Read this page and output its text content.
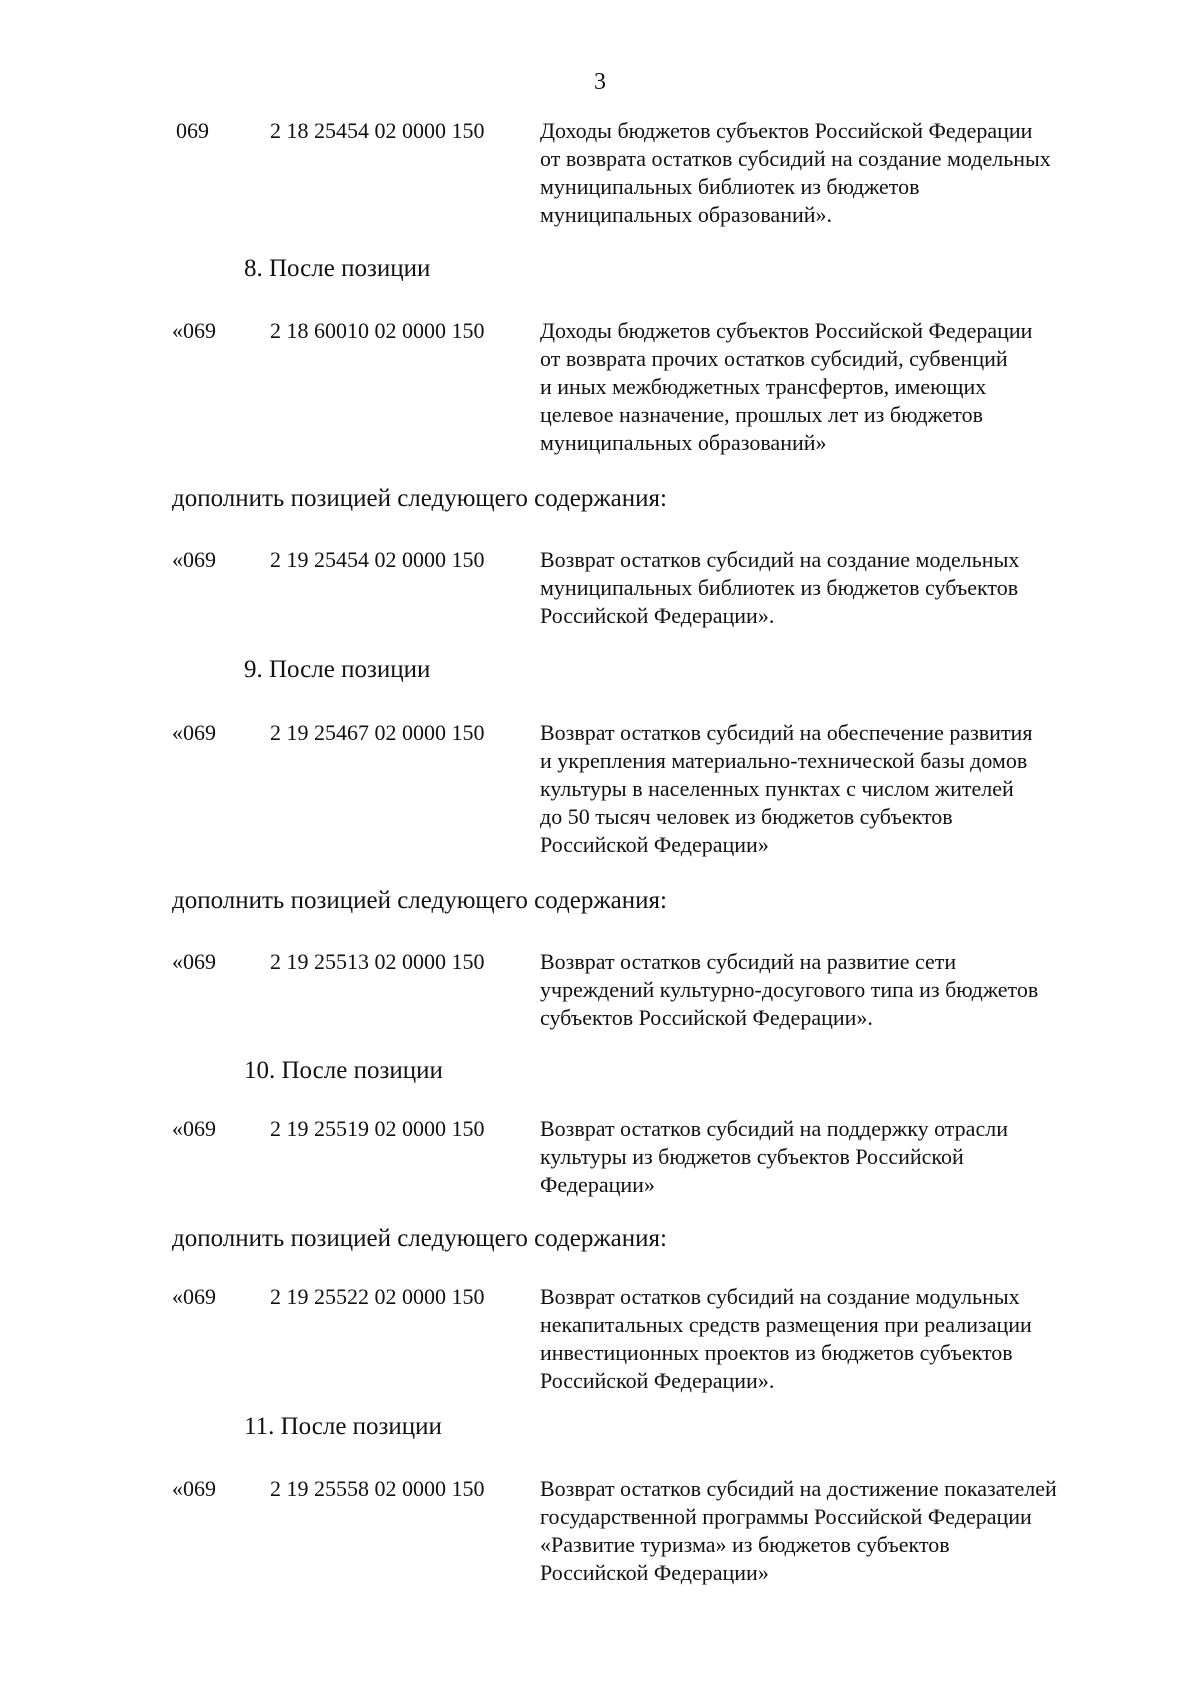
3
069	2 18 25454 02 0000 150	Доходы бюджетов субъектов Российской Федерации
от возврата остатков субсидий на создание модельных
муниципальных библиотек из бюджетов
муниципальных образований».
8. После позиции
«069 2 18 60010 02 0000 150	Доходы бюджетов субъектов Российской Федерации
от возврата прочих остатков субсидий, субвенций
и иных межбюджетных трансфертов, имеющих
целевое назначение, прошлых лет из бюджетов
муниципальных образований»
дополнить позицией следующего содержания:
«069 2 19 25454 02 0000 150	Возврат остатков субсидий на создание модельных
муниципальных библиотек из бюджетов субъектов
Российской Федерации».
9. После позиции
«069 2 19 25467 02 0000 150	Возврат остатков субсидий на обеспечение развития
и укрепления материально-технической базы домов
культуры в населенных пунктах с числом жителей
до 50 тысяч человек из бюджетов субъектов
Российской Федерации»
дополнить позицией следующего содержания:
«069 2 19 25513 02 0000 150	Возврат остатков субсидий на развитие сети
учреждений культурно-досугового типа из бюджетов
субъектов Российской Федерации».
10. После позиции
«069 2 19 25519 02 0000 150	Возврат остатков субсидий на поддержку отрасли
культуры из бюджетов субъектов Российской
Федерации»
дополнить позицией следующего содержания:
«069 2 19 25522 02 0000 150	Возврат остатков субсидий на создание модульных
некапитальных средств размещения при реализации
инвестиционных проектов из бюджетов субъектов
Российской Федерации».
11. После позиции
«069 2 19 25558 02 0000 150	Возврат остатков субсидий на достижение показателей
государственной программы Российской Федерации
«Развитие туризма» из бюджетов субъектов
Российской Федерации»
